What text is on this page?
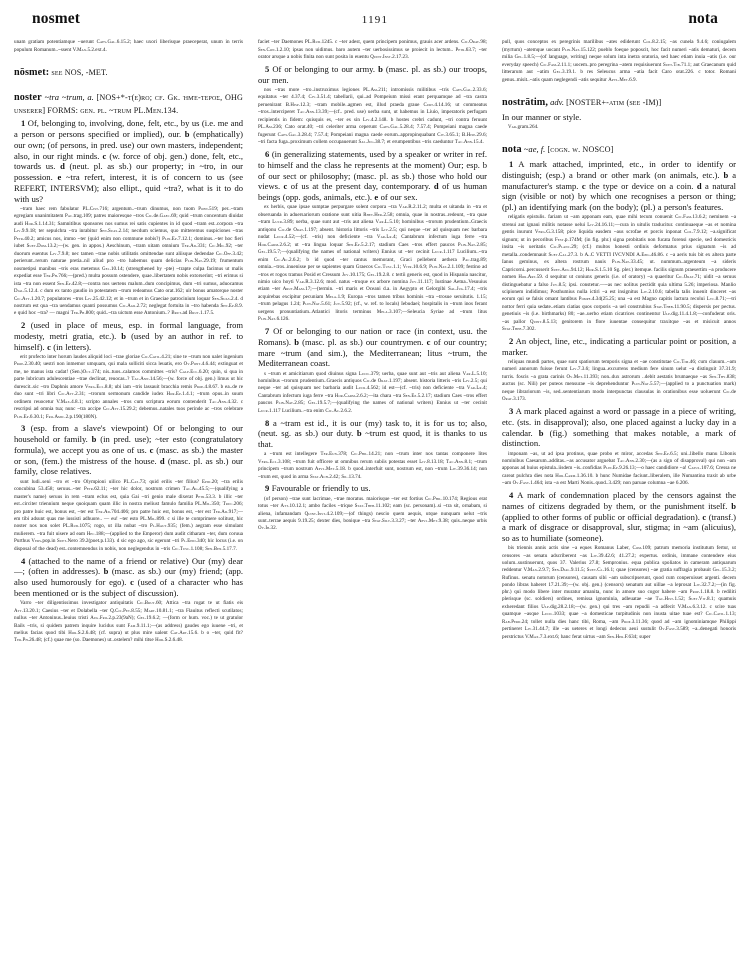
nosmet	1191	nota
unam gratiam potentiamque ~uerunt Caes.Gal.6.15.2; haec uxori liberisque praeceperat, unum in terris populum Romanum..~ssent V.Max.5.2.ext.4.
nōsmet: see NOS, -MET.
noster ~tra ~trum, a. [NOS+*-t(e)ro; cf. Gk. ἡμέ-τερος, OHG unserer] FORMS: gen. pl. ~trum PL.Men.134.
1 Of, belonging to, involving, done, felt, etc., by us (i.e. me and a person or persons specified or implied), our. b (emphatically) our own; (of persons, in pred. use) our own masters, independent; also, in our right minds. c (w. force of obj. gen.) done, felt, etc., towards us. d (neut. pl. as sb.) our property; in ~tro, in our possession. e ~tra refert, interest, it is of concern to us (see REFERT, INTERSVM); also ellipt., quid ~tra?, what is it to do with us?
~tram haec rem fabulatur PL.Cist.716; argentum..~trum dinumus, non tuom Poen.519; per..~tram egregiam unanimitatem Pac.trag.109; patres maioresque ~tros Cic.de.Gaec.69; quid ~trum concentum diuidat audi Hor.S.1.14.31; Samnitibus sponsores nos sumus rei satis cupientes in id quod ~tram est..corpora ~tra Liv.9.9.18; ter sepulchra ~tra inrabitur Sen.Suas.2.14; necdum sciemus, quo mitteremus suspiciones ~tras Petr.40.2; amicus nos, immo ~ter (quid enim non commune nobis?) Plin.Ep.7.12.1; dominus..~ter hoc fieri iubet Suet.Dom.13.2;—(w. gen. in appos.) Aeschinum, ~tram uitam omnium Ter.Ad.331; Cic.Mil.92; ~ter duorum euentus Liv.7.9.8; nec tamen ~trae nobis utilitatis omittendae sunt aliisque dedendae Cic.Off.3.42; perierunt..rerum naturae pretia..nil aliud pro ~tro habemus quam delicias Plin.Nat.29.19; frumentum nosmetipsi manibus ~tris eras metemus Gel.10.14; (strengthened by -pte) ~trapte culpa facimus ut malis expediat esse Ter.Ph.766;—(pred.) multa possum ostendere, quae..libertatem nobis extorserint; ~tri erimus si ista ~tra non essent Sen.Ep.42.8;—contra nos uertens malum..dum concipimus, dum ~tri sumus, aduocamus Dial.5.12.4. c dum ex tanto gaudio in potestatem ~trum redeamus Cato orat.162; uir bonus amatorque noster Cic.Att.1.20.7; populatores ~tros Liv.25.42.12; et in ~trum et in Graeciae patrocinium loquar Sen.Suas.2.4. d nostrum est qua ~tra uendamus quanti possumus Cic.Agr.2.72; neglegat fortuita in ~tro habenda Sen.Ep.8.9. e quid hoc ~tra? — magni Ter.Ph.800; quid..~tra uictum esse Antonium..? Brut.ad Brut.1.17.5.
2 (used in place of meus, esp. in formal language, from modesty, metri gratia, etc.). b (used by an author in ref. to himself). c (in letters).
erit profecto inter horum laudes aliquid loci ~trae gloriae Cic.Catil.4.21; sine te ~trum non ualet ingenium Prop.2.30.40; uestri non inmemor umquam, qui mala solliciti sicca leuatis, ero Ov.Pont.4.6.44; extinguat et me, ne manus ista cadat! (Sen.)Oct.174; nis..tuos..calamos committes ~tris? Calp.Ecl.6.20; quin, si qua in parte lubricum adulescentiae ~trae declinat, reuocas..? Tac.Ann.14.56;—(w. force of obj. gen.) limus ut hic durescit..sic ~tro Daphnis amore Verg.Ecl.8.8; ubi iam ~tris lassauit bracchia remis Prop.4.8.67. b ea..de re duo sunt ~tri libri Cic.Att.2.31; ~trorum sermonum candide iudex Hor.Ep.1.4.1; ~trum opus..in suum ordinem reuocetur V.Max.4.8.1; scripto annales ~tros cum scriptura eorum contenderit Tac.Ann.4.32. c rescripsi ad omnia tua; nunc ~tra accipe Cic.Att.15.29.2; debemus..natales tuos perinde ac ~tros celebrare Plin.Ep.6.30.1; Fro.Amic.2.p.190(180N).
3 (esp. from a slave's viewpoint) Of or belonging to our household or family. b (in pred. use); ~ter esto (congratulatory formula), we accept you as one of us. c (masc. as sb.) the master or son, (fem.) the mistress of the house. d (masc. pl. as sb.) our family, close relatives.
sunt ludi..seni ~tro et ~tro Olympioni uilico PL.Cas.73; quid erilis ~ter filius? Epid.20; ~tra erilis concubina 53.458; seruus..~ter Petr.62.11; ~ter hic dolor, nostrum crimen Tac.Ag.45.5;—(qualifying a master's name) seruus in rem ~tram eclus est, quia Gai ~tri genio male dixerat Petr.53.3. b illic ~ter est..circiter triennium neque quoiquam quam illic in nostra meliust famulo familia PL.Mil.350; Truc.206; pro patre huic est, bonus est, ~ter est Ter.Ad.704.406; pro patre huic est, bonus est, ~ter est Ter.Ad.917;—em tibi adsunt quas me iussisti adhuore.. — eu! ~ter esto PL.Mil.899. c si ille te comprimere solitust, hic noster nos non solet PL.Rud.1075; rogo, ut illa nubat ~tro Pl.Haut.935; (fem.) aegram esse simulant mulierem. ~tra fuit uisere ad eam Hec.188;—(applied to the Emperor) dum audit citharam ~ter, dum coruua Purthus Vers.pop.in Suet.Nero 39.2(poet.p.133). d sic ego ago, sic egerunt ~tri Pl.Epid.340; hic locus (i.e. on disposal of the dead) est..contemnendus in nobis, non neglegendus in ~tris Cic.Tusc.1.108; Sen.Ben.5.17.7.
4 (attached to the name of a friend or relative) Our (my) dear —; (often in addresses). b (masc. as sb.) our (my) friend; (app. also used humorously for ego). c (used of a character who has been mentioned or is the subject of discussion).
Varro ~ter diligentissimus investigator antiquitatis Cic.Brut.60; Attica ~tra rogat te ut fiatis eis Att.13.20.1; Caesius ~ter et Dolabella ~ter Q.Cic.Pet.8.55; Mart.10.81.1; ~tra Flauitus reflecti scutilatos; nullus ~ter Antoninus..Ieuius tristi Aug.Fro.2.p.23(9aN); Gel.19.6.2; —(form or hum. voc.) te ut gratulor Bails ~tris, si quidem patrem inquire lucidus sunt Fam.9.11.1;—(as address) gaudes ego iuuene ~tri, et melius facias quod tibi Hor.S.2.6.48; (cf. supra) ut plus mire ualent Cat.Art.15.6. b o ~ter, quid fit? Ter.Ph.26.48; (cf.) quae me (so. Daemones) ut..ostelem? mihi titse Hor.S.2.6.48.
faciet ~ter Daemones PL.Rud.1245. c ~ter adest, quem principem ponimus, grauis acer ardens. Cic.Orat.98; Sen.Con.1.2.10; ipsas non uidimus. baro autem ~ter uerbosissimus se proiecit in lectum.. Petr.63.7; ~ter orator arsque a nobis finita non sunt posita in euentu Quint.Inst.2.17.23.
5 Of or belonging to our army. b (masc. pl. as sb.) our troops, our men.
nos ~tras more ~tro..instruximus legiones PL.Am.211; intromissis militibus ~tris Caes.Gal.2.33.6; equitatus ~ter 4.37.4; Civ.3.51.4; tabellarii, qui..ad Pompeium missi erant perquamque ad ~tra castra peruenirant B.Hisp.12.3; ~tram mobile..agmen est, illud praeda graue Curt.4.14.16; ut commeatus ~tros..interciperet Tac.Ann.13.39;—(cf.. pred. use) uerba sunt, ut habemus in Liuio, imperatoris perfugam recipientis in fidem: quisquis es, ~ter es sin Liv.4.2.148. b hostes crebri cadunt, ~tri contra feruunt PL.Am.236; Cato orat.40; ~tri celeriter arma ceperunt Caes.Gal.5.28.4; 7.57.4; Pompeiani magna caede fugerunt Caes.Gal.3.28.4; 7.57.4; Pompeiani magna caede eorum..appropinquabant Civ.3.65.1; B.Hisp.29.6; ~tri facta fuga..proximum collem occupauerunt Sal.Jug.38.7; et erumpentibus ~tris caeduntur Tac.Ann.15.4.
6 (in generalizing statements, used by a speaker or writer in ref. to himself and the class he represents at the moment) Our; esp. b of our sect or philosophy; (masc. pl. as sb.) those who hold our views. c of us at the present day, contemporary. d of us human beings (opp. gods, animals, etc.). e of our sex.
ex herbis, quae ipsae sumptae perpurgare solent corpora ~tra Var.R.2.11.2; multa et uitanda in ~tra et obseruanda in aduersariorum oratione sunt uitia Rhet.Her.2.58; omnia, quae in nostras..redeunt, ~tra quae ~tram Lucr.3.89; uerba, quae sunt aut ~tris aut aliena Var.L.5.10; hominibus ~trorum prudentium..Graecis antiqonu Cic.de Orat.1.197; absent. historia littoris ~tris Liv.2.5; qui neque ~ter ad quisquam nec barbara nudat Lucr.4.52;—(cf. ~tris) non deficiente ~tra Var.Lr.4; Cantabrum infectum iuga ferre ~tra Hor.Carm.2.6.2; ut ~tra lingua loquar Sen.Ep.5.2.17; stadium Caes ~tros effert paucos Plin.Nat.2.85; Gel.19.5.7;—(qualifying the names of national writers) Ennius ut ~ter cecinit Lucr.1.117 Lucilium..~tra enim Cic.Ac.2.6.2; b id quod ~ter cantus memorant, Graci pellebent aethera Pac.trag.89; omnia..~tros..inuenisse per se sapientes quam Graecos Cic.Tusc.1.1; Vitr.10.6.9; Plin.Nat.2.1.109; festino ad ~tros et rogos tramus Posid et Cressum Juv.10.175; Gel.19.2.8. c tertii generis est, quod in Hispania nascitur, nimio uico hoyti Var.R.3.12.6; mod. natus ~truque ex arbore nomina Juv.11.117; Iustinae Aetna..Vesuuius etiam ~ter Arut.Mam.17;—(termin. ~tri maris et Oceani d.a. in Aegypto et Gelorgibi Sal.Jug.17.4; ~tris acquirebas excipitur pecuniam Mela.1.9; Europa ~tros tamen tribus hominis ~tra ~trosue seruitutis. 1.15; ~trum pelagus 1.24; Plin.Nat.5.61; Juv.5.92; (cf., w. ref. to locals) Iebudaei; hospitalis in ~trum inos ferant uergens pronuntiatium..Atlantici litoris terminus Mela.3.107;—Seleucia Syriae ad ~trum litus Plin.Nat.6.126.
7 Of or belonging to our nation or race (in context, usu. the Romans). b (masc. pl. as sb.) our countrymen. c of our country; mare ~trum (and sim.), the Mediterranean; litus ~trum, the Mediterranean coast.
s ~trum et amicitiarum quod diuinus signa Lucil.379; uerba, quae sunt aut ~tris aut aliena Var.L.5.10; hominibus ~trorum prudentium..Graecis antiquos Cic.de Orat.1.197; absent. historia litteris ~tris Liv.2.5; qui neque ~ter ad quisquam nec barbaria audit Lucr.4.562; id est—(cf. ~tris) non deficiente ~tra Var.Lr.4; Cantabrum infectum iuga ferre ~tra Hor.Carm.2.6.2;—ita chara ~tra Sen.Ep.5.2.17; stadium Caes ~tros effert paucos Plin.Nat.2.85; Gel.19.5.7;—(qualifying the names of national writers) Ennius ut ~ter cecinit Lucr.1.117 Lucilium..~tra enim Cic.Ac.2.6.2.
8 a ~tram est id., it is our (my) task to, it is for us to; also, (neut. sg. as sb.) our duty. b ~trum est quod, it is thanks to us that.
a ~trum est intellegere Ter.Eun.378; Cic.Phil.14.21; non ~trum inter nos tantas componere lites Verg.Ecl.3.108; ~trum fuit officere ut omnibus rerum subiis potestas esset Liv.8.13.18; Tac.Ann.8.1; ~trum principem ~trum nostrum Apvl.Met.5.18. b quod..interfuit sunt, nostrum est, non ~trum Liv.39.36.14; non ~trum est, quod in arma Stat.Ach.2.42; Sil.13.74.
9 Favourable or friendly to us.
(of person) ~trae sunt lacrimae, ~trae moratus. maiorisque ~ter est fortius Cic.Phil.10.174; Regious erat totus ~ter Att.10.12.1; ambo faciles ~trique Stat.Theb.11.102; eam (sc. personam)..si ~tra sit, ornabam, si aliena, infamandam Quint.Inst.4.2.109;—(of things) nescio quem aequis, utque nunquam uelut ~tris sunt..terrae aequis 9.19.25; dexter dies, bonique ~tra Stat.Silv.3.3.27; ~ter Apvl.Met.9.38; quis..neque urbis Ov.Ib.32.
pull, quos conceptos ex peregrinis marilibus ~ates ediderunt Col.8.2.15; ~as cunela 9.4.6; coniugalem (myrtum) ~atemque uocant Plin.Nat.15.122; pueblo foeque poposcit, hoc facit numeri ~atis dematuri, decem milia Gel.1.8.5;—(of language, writing) neque solum inta inetra oratoria, sed haec etiam inuia ~atis (i.e. our everyday speech) Cic.Fam.2.11.1; uocem..pro peregrina ~atem requisiuerunt Suet.Tib.71.1; aut Graecanum quid litterarum aut ~atim Gel.3.19.1. b res Seleucus arma ~atia facit Caro orat.226. c totor. Romani genus..misit..~atis quam neglegendi ~atis sequitur Apvl.Met.6.9.
nostrātim, adv. [NOSTER+-atim (see -IM)]
In our manner or style.
Var.gram.264.
nota ~ae, f. [cogn. w. NOSCO]
1 A mark attached, imprinted, etc., in order to identify or distinguish; (esp.) a brand or other mark (on animals, etc.). b a manufacturer's stamp. c the type or device on a coin. d a natural sign (visible or not) by which one recognises a person or thing; (pl.) an identifying mark (on the body); (pl.) a person's features.
religatis epistulis. fariam ut ~am apponam eam, quae mihi tecum conuenit Cic.Fam.13.6.2; neminem ~a strenui aut ignaui militis notasse uelui Liv.24.16.11;—cura in uitulis traducitur. continuaeque ~as et nomina gentis inurunt Verg.G.3.158; pice liquida easdem ~aus scrofae et porcis inponat Col.7.9.12; ~a.significat signum; ut in pecoribus Fest.p.174M; (in fig. phr.) signa probitatis non fucata forensi specie, sed domesticis insita ~is ueritatis Cic.Planc.29; (cf.) multos honesti ordinis deformatus prius signatum ~is ad metalla..condemnauit Suet.Cal.27.3. b A..C VETTI IVCVNDI A.Epig.46.86. c ~a aeris tuis bit ex altera parte Ianus geminus, ex altera rostrum nauis Plin.Nat.33.45; ut. nummum..argenteum ~a sideris Capricorni..percusserit Suet.Aug.94.12; Hor.S.1.5.10 Sg. pler.) itemque. facilis signum praesertim ~a producere nomen Hor.Art.59. d sequitur ut coniunx generis (i.e. of oratory) ~a quaeritur Cic.Orat.71; uidit ~a seruus distinguebatur a falso Juv.8.5; ipsi. constetur.—~as nec uolitus pectidit quia ultima 5.26; imperiosa. Manlio scipionem indidimus; Posthumius nulla ictiri ~a est insignitus Liv.2.10.6; tabella talis inuenit dinceret ~as eorum qui se falsis ornant lantibus Pompe.4.34(25.25; una ~a est Magno capitis lactura recolui Lvc.8.71;—tri nottor ferri quia sedate..etiam ciatias quos corporis ~a uel construbius Stat.Theb.11.90.5; dispersis per pectus. genetiuis ~is (i.e. birthmarks) 80; ~ae..uerbo etiam cicatrices continentur Ulp.dig.11.4.1.8;—confuderat oris. ~as pallor Quint.8.5.13; genitorem in flore iuuentae consequitur traxitque ~as et misicuit annos Stat.Theb.7.302.
2 An object, line, etc., indicating a particular point or position, a marker.
reliquas mundi partes, quae sunt spatiorum temporis signa et ~ae constitutae Cic.Tim.46; cum clauum..~am numeri annorum fuisse ferunt Liv.7.3.6; lingua..excurrens medium fere sinum uelut ~a distinguit 37.31.9; turris. foscis ~a grata carinis Ov.Met.11.393; non..dux astrorum ..debit aestatis brumaeque ~as Sen.Thy.838; auctus (sc. Nili) per puteos mensurae ~is deprehenduntur Plin.Nat.5.57;—(applied to a punctuation mark) neque librariorum ~is, sed..sententiarum modo interpunctas clausulas in orationibus esse uoluerunt Cic.de Orat.3.173.
3 A mark placed against a word or passage in a piece of writing, etc. (sts. in disapproval); also, one placed against a lucky day in a calendar. b (fig.) something that makes notable, a mark of distinction.
imponam ~as, ut ad ipsa protinus, quae probo et miror, accedas Sen.Ep.6.5; uni..libello manu Libonis nominibus Caesarum..additas..~as accusator arguebat Tac.Ann.2.30;—(as a sign of disapproval) qui non ~am apponas ad huius epistula..iisdem ~is..confidias Plin.Ep.9.26.13;—o haec candidiore ~a! Catul.107.6; Cressa ne careat pulchra dies nota Hor.Carm.1.36.10. b hunc Numidae faciunt..liberalem, ille Numantina traxit ab urbe ~am Ov.Fast.1.464; ista ~a est Marti Nonis..quod..3.429; non paruae columna ~ae 6.206.
4 A mark of condemnation placed by the censors against the names of citizens degraded by them, or the punishment itself. b (applied to other forms of public or official degradation). c (transf.) a mark of disgrace or disapproval, slur, stigma; in ~am (alicuius), so as to humiliate (someone).
bis triennis annis actis sine ~a eques Romanus Laber, Com.109; patrum memoria institutum fertur, ut censores ~as senatu adscriberent ~as Liv.39.42.6; 41.27.2; expertus. ordinis, immane contendere eius uolum..sustinuerunt, quos 37. Valerius 27.8; Sempronius. equa publica spoliatos in cameram antiquarum reddentur V.Max.2.9.7; Sen.Dial.9.11.5; Suet.Cl.16.1; quae (censores) ~ae gratia suffragia probauit Gel.15.3.2; Rufinus. senatu notorum (censores), causam sibi ~am subscripserunt, quod cum conperuisset argenti. decem pondo libras haberet 17.21.39;—(w. obj. gen.) (censors) senatum aut uillae ~a leprosat Liv.32.7.2;—(in fig. phr.) qui modo libere inter muratur amanita, nunc in amore suo cogor habere ~am Prop.1.18.8. b rediliti plerisque (sc. soldiers) ordines, remissa ignominia, adleuatae ~ae Tac.Hist.1.52; Suet.Vit.8.1; quamuis exheredant filios Ulp.dig.28.2.18;—(w. gen.) qui tres ~am repudii ~a adfecit V.Max.6.3.12. c scire tuas quamque ~asque Lucil.1033; quae ~a domesticae turpitudinis non inusta uitae tuae est? Cic.Catil.1.13; Rab.Perd.24; tollet nulla dies hanc tibi, Roma, ~am Prop.3.11.36; quod ad ~am ignominiamque Philippi pertineret Liv.31.44.7; ille ~as ueteres et longi dedecus aeui sustulit Ov.Fast.3.589; ~a..denegati honoris perstrictus V.Max.7.3.ext.6; hanc ferat uirtus ~am Sen.Her.F.634; super
